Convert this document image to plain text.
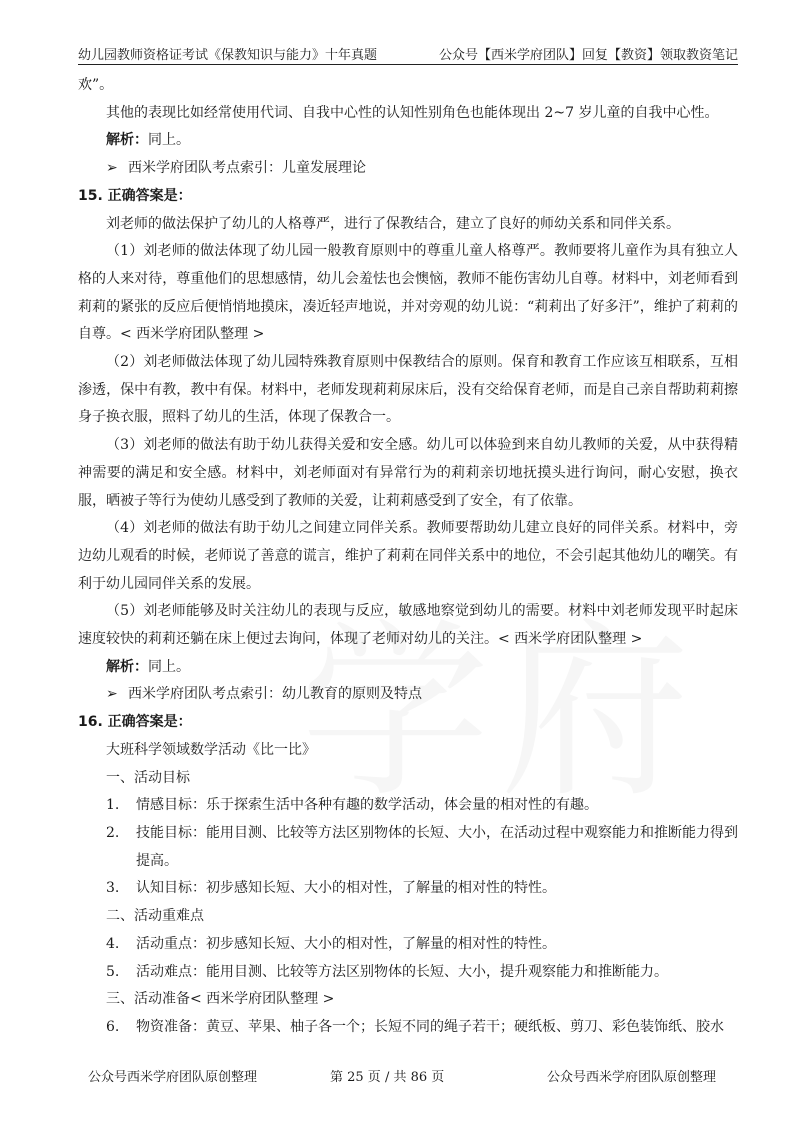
幼儿园教师资格证考试《保教知识与能力》十年真题	公众号【西米学府团队】回复【教资】领取教资笔记

欢”。

其他的表现比如经常使用代词、自我中心性的认知性别角色也能体现出 2~7 岁儿童的自我中心性。

解析：同上。

➢ 西米学府团队考点索引：儿童发展理论

15. 正确答案是：

刘老师的做法保护了幼儿的人格尊严，进行了保教结合，建立了良好的师幼关系和同伴关系。

（1）刘老师的做法体现了幼儿园一般教育原则中的尊重儿童人格尊严。教师要将儿童作为具有独立人格的人来对待，尊重他们的思想感情，幼儿会羞怯也会懊恼，教师不能伤害幼儿自尊。材料中，刘老师看到莉莉的紧张的反应后便悄悄地摸床，凑近轻声地说，并对旁观的幼儿说：“莉莉出了好多汗”，维护了莉莉的自尊。< 西米学府团队整理 >

（2）刘老师做法体现了幼儿园特殊教育原则中保教结合的原则。保育和教育工作应该互相联系，互相渗透，保中有教，教中有保。材料中，老师发现莉莉尿床后，没有交给保育老师，而是自己亲自帮助莉莉擦身子换衣服，照料了幼儿的生活，体现了保教合一。

（3）刘老师的做法有助于幼儿获得关爱和安全感。幼儿可以体验到来自幼儿教师的关爱，从中获得精神需要的满足和安全感。材料中，刘老师面对有异常行为的莉莉亲切地抚摸头进行询问，耐心安慰，换衣服，晒被子等行为使幼儿感受到了教师的关爱，让莉莉感受到了安全，有了依靠。

（4）刘老师的做法有助于幼儿之间建立同伴关系。教师要帮助幼儿建立良好的同伴关系。材料中，旁边幼儿观看的时候，老师说了善意的谎言，维护了莉莉在同伴关系中的地位，不会引起其他幼儿的嘲笑。有利于幼儿园同伴关系的发展。

（5）刘老师能够及时关注幼儿的表现与反应，敏感地察觉到幼儿的需要。材料中刘老师发现平时起床速度较快的莉莉还躺在床上便过去询问，体现了老师对幼儿的关注。< 西米学府团队整理 >

解析：同上。

➢ 西米学府团队考点索引：幼儿教育的原则及特点

16. 正确答案是：

大班科学领域数学活动《比一比》

一、活动目标

1. 情感目标：乐于探索生活中各种有趣的数学活动，体会量的相对性的有趣。
2. 技能目标：能用目测、比较等方法区别物体的长短、大小，在活动过程中观察能力和推断能力得到提高。
3. 认知目标：初步感知长短、大小的相对性，了解量的相对性的特性。

二、活动重难点

4. 活动重点：初步感知长短、大小的相对性，了解量的相对性的特性。
5. 活动难点：能用目测、比较等方法区别物体的长短、大小，提升观察能力和推断能力。

三、活动准备< 西米学府团队整理 >

6. 物资准备：黄豆、苹果、柚子各一个；长短不同的绳子若干；硬纸板、剪刀、彩色装饰纸、胶水
公众号西米学府团队原创整理	第 25 页 / 共 86 页	公众号西米学府团队原创整理
